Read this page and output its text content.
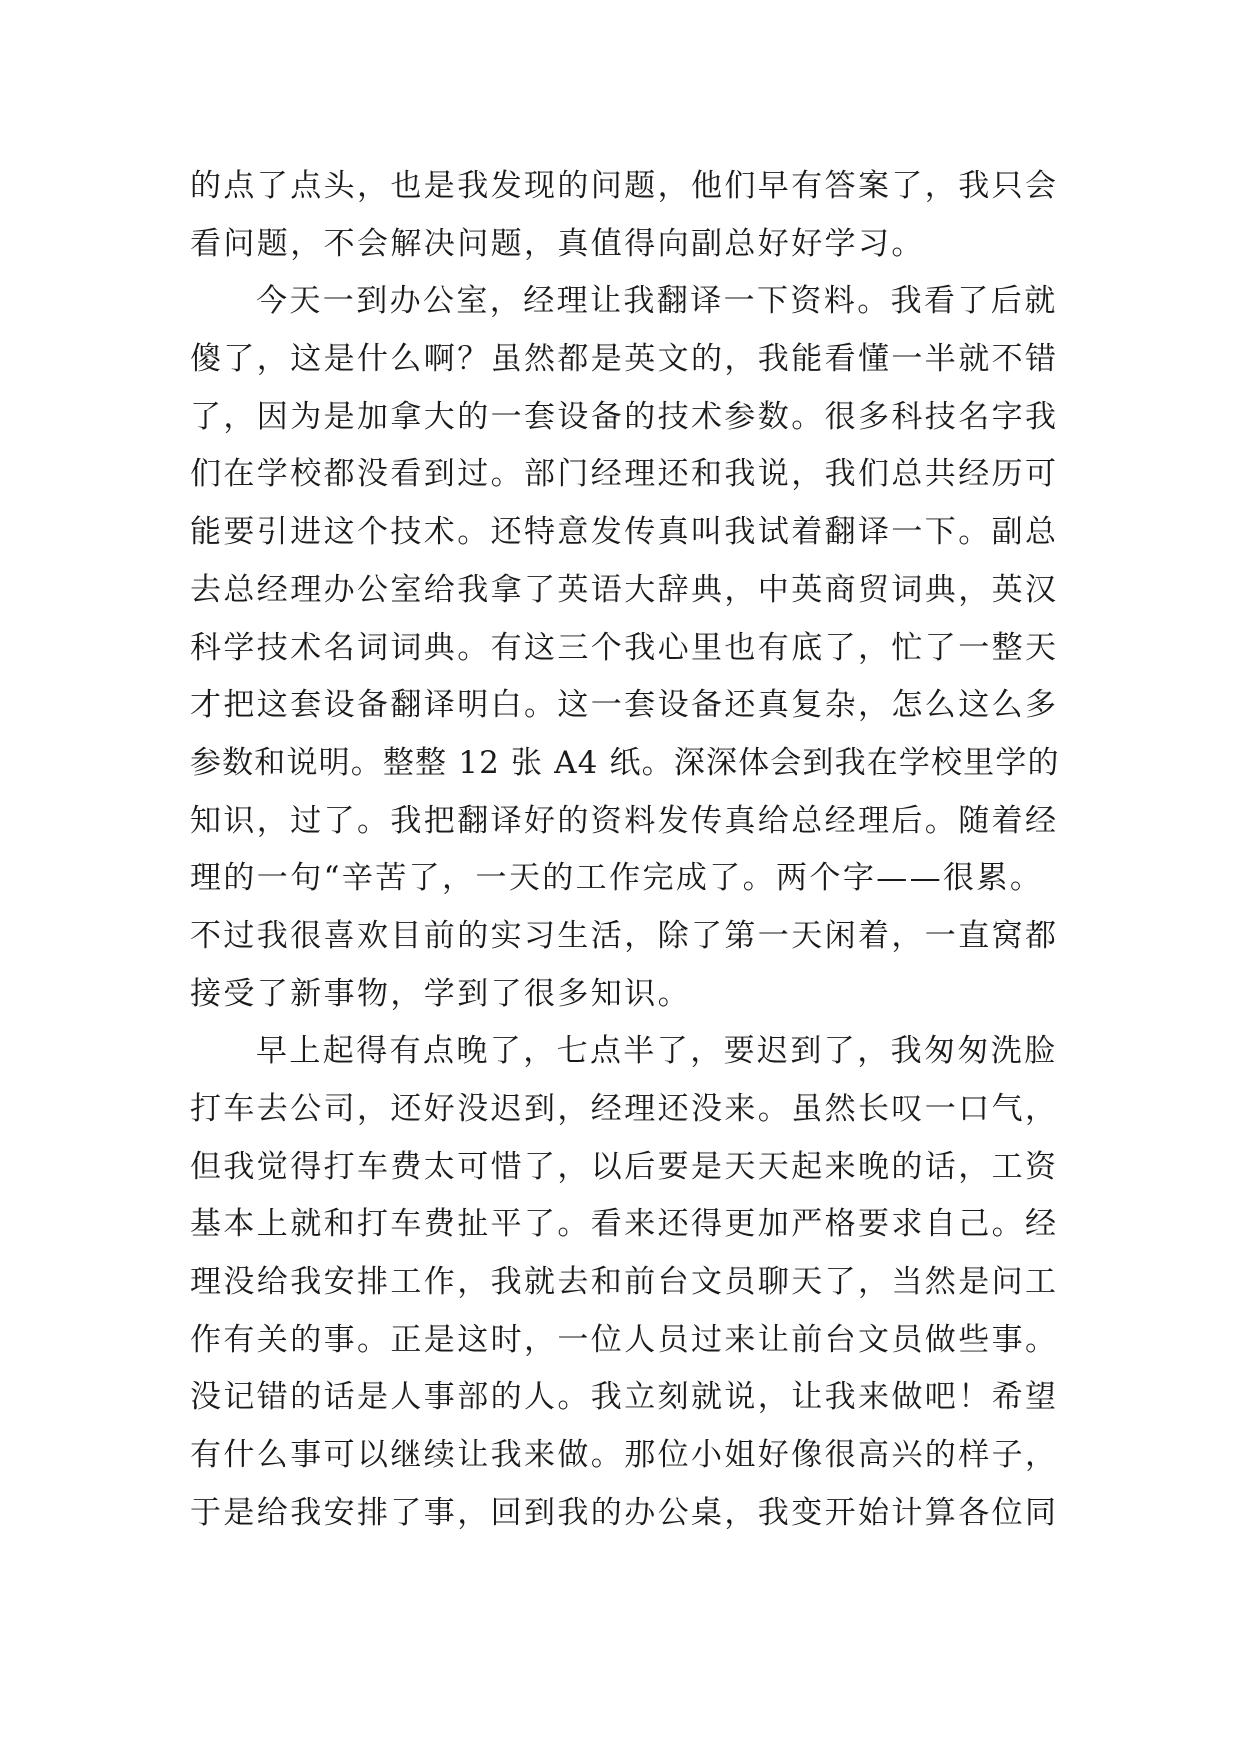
的点了点头，也是我发现的问题，他们早有答案了，我只会
看问题，不会解决问题，真值得向副总好好学习。
今天一到办公室，经理让我翻译一下资料。我看了后就
傻了，这是什么啊？虽然都是英文的，我能看懂一半就不错
了，因为是加拿大的一套设备的技术参数。很多科技名字我
们在学校都没看到过。部门经理还和我说，我们总共经历可
能要引进这个技术。还特意发传真叫我试着翻译一下。副总
去总经理办公室给我拿了英语大辞典，中英商贸词典，英汉
科学技术名词词典。有这三个我心里也有底了，忙了一整天
才把这套设备翻译明白。这一套设备还真复杂，怎么这么多
参数和说明。整整 12 张 A4 纸。深深体会到我在学校里学的
知识，过了。我把翻译好的资料发传真给总经理后。随着经
理的一句“辛苦了，一天的工作完成了。两个字——很累。
不过我很喜欢目前的实习生活，除了第一天闲着，一直窝都
接受了新事物，学到了很多知识。
早上起得有点晚了，七点半了，要迟到了，我匆匆洗脸
打车去公司，还好没迟到，经理还没来。虽然长叹一口气，
但我觉得打车费太可惜了，以后要是天天起来晚的话，工资
基本上就和打车费扯平了。看来还得更加严格要求自己。经
理没给我安排工作，我就去和前台文员聊天了，当然是问工
作有关的事。正是这时，一位人员过来让前台文员做些事。
没记错的话是人事部的人。我立刻就说，让我来做吧！希望
有什么事可以继续让我来做。那位小姐好像很高兴的样子，
于是给我安排了事，回到我的办公桌，我变开始计算各位同
